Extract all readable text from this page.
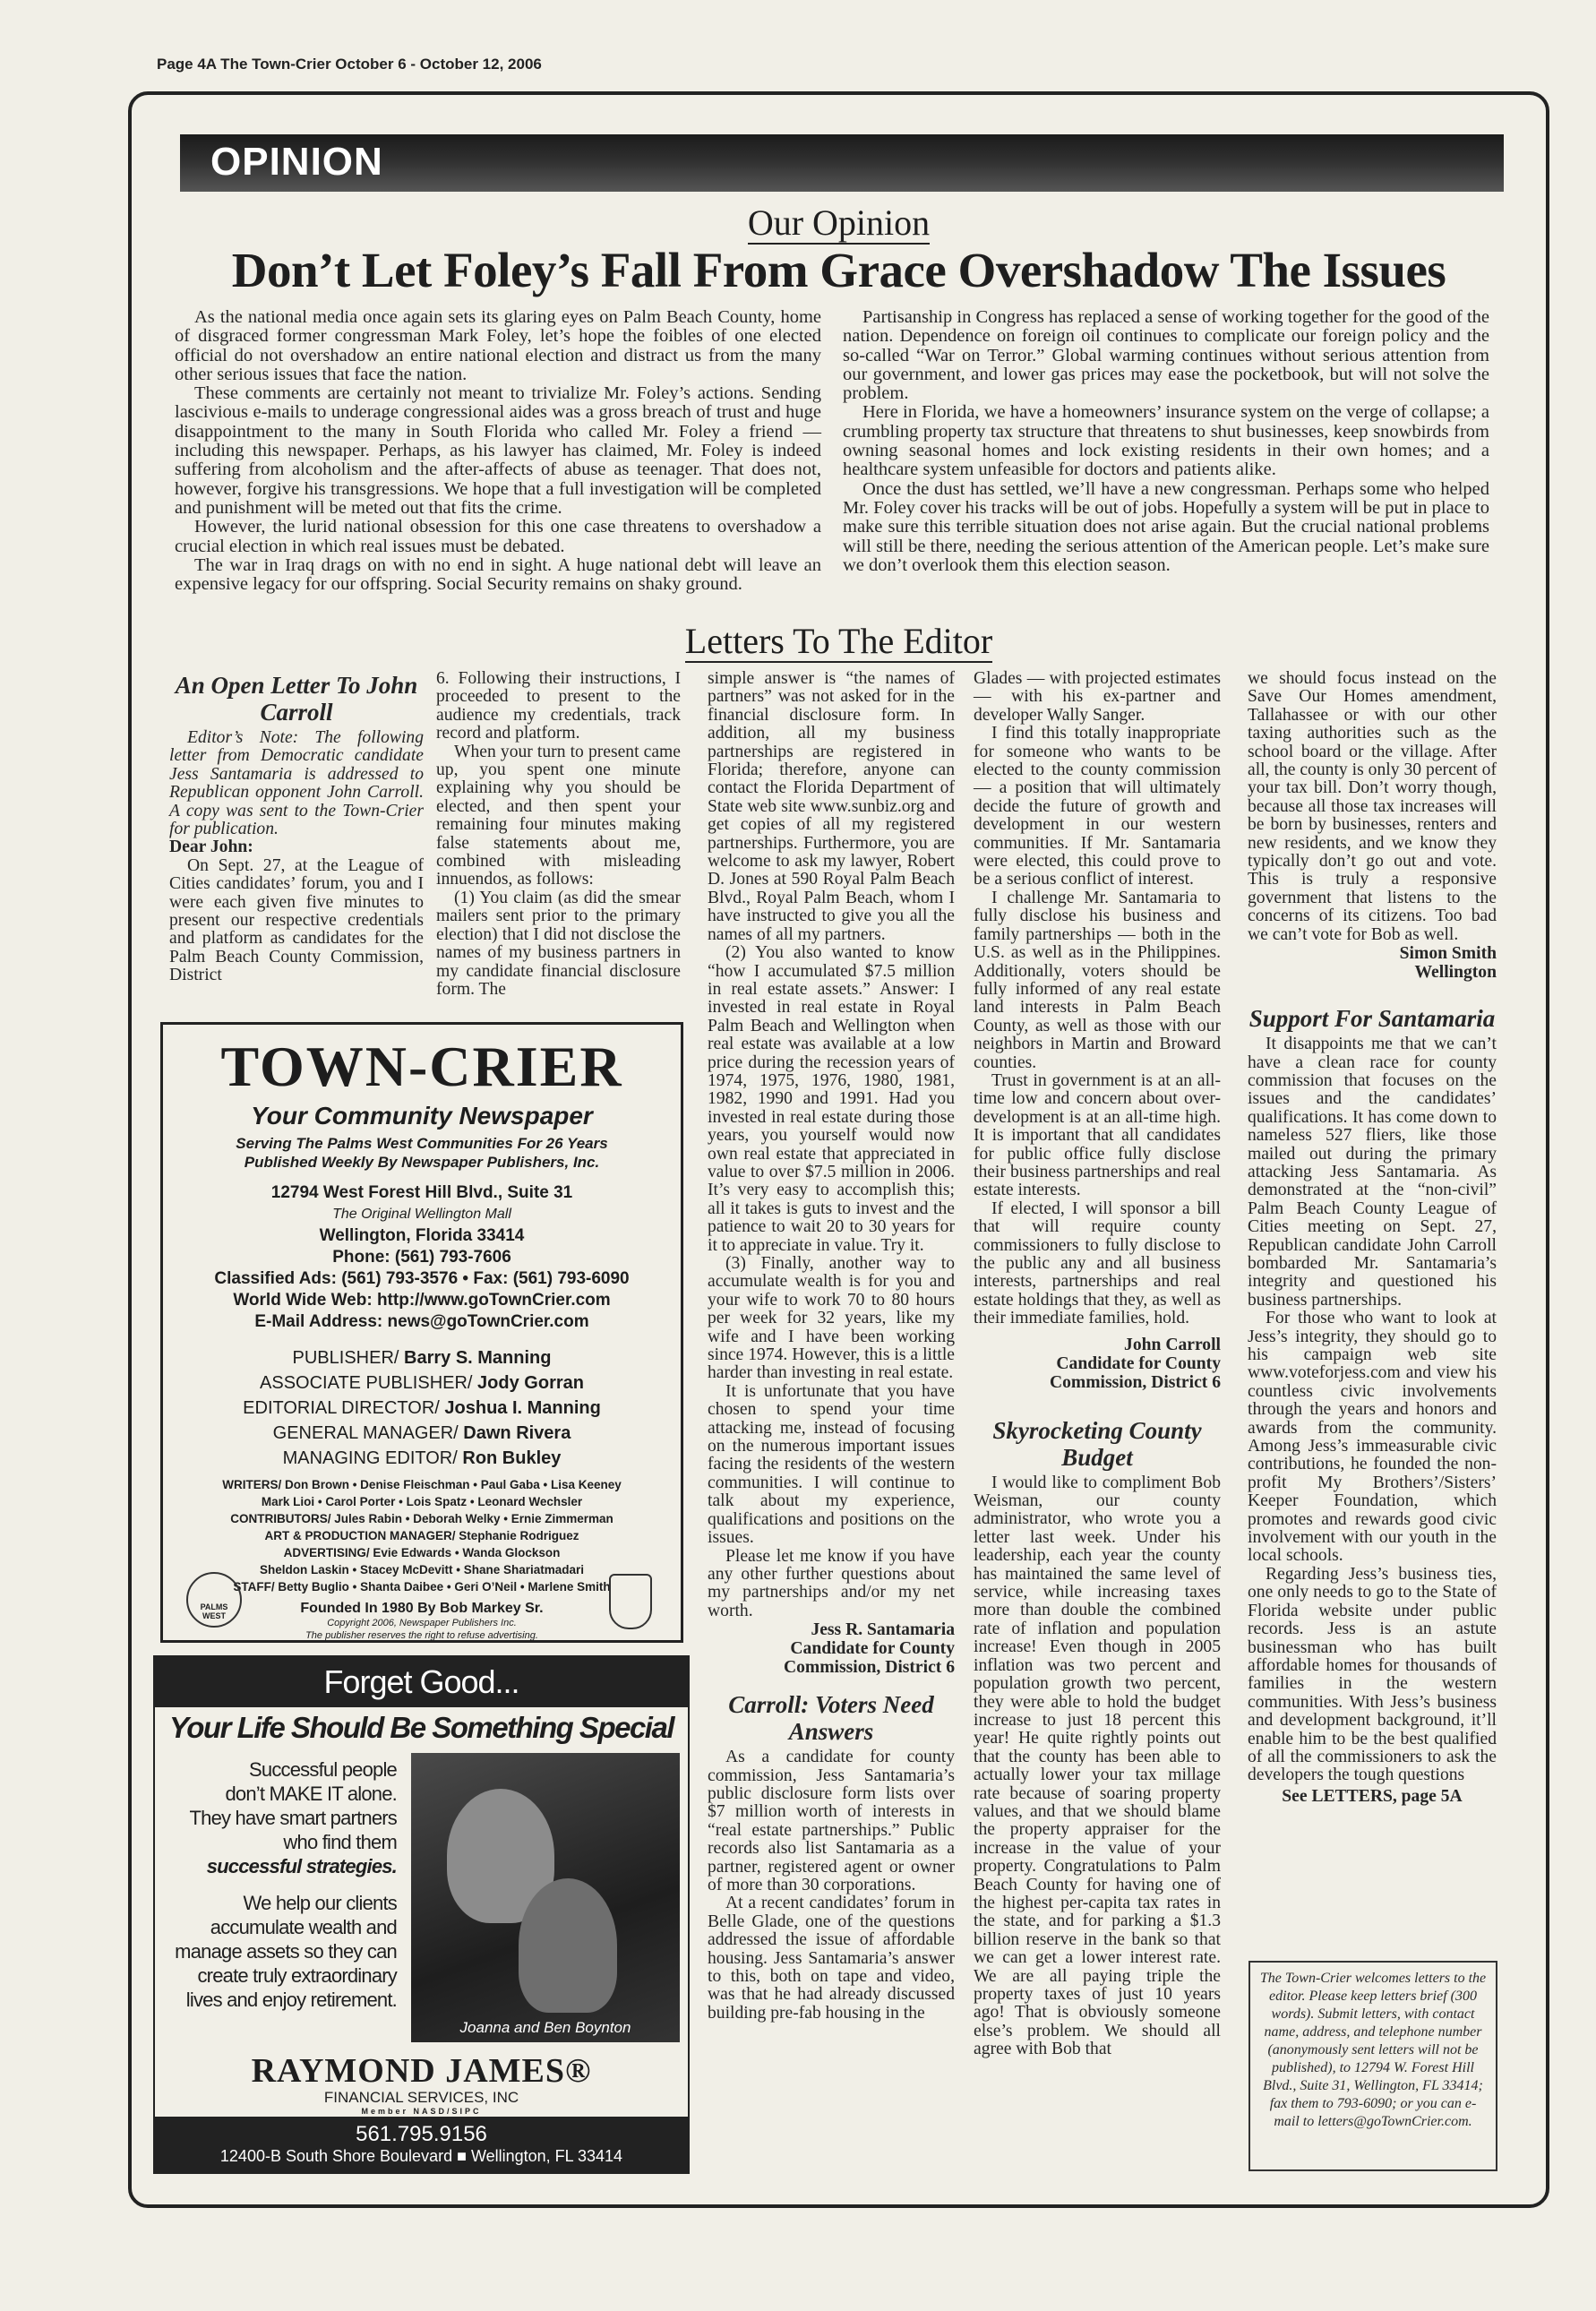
Page 4A The Town-Crier October 6 - October 12, 2006
OPINION
Our Opinion
Don’t Let Foley’s Fall From Grace Overshadow The Issues

As the national media once again sets its glaring eyes on Palm Beach County, home of disgraced former congressman Mark Foley, let’s hope the foibles of one elected official do not overshadow an entire national election and distract us from the many other serious issues that face the nation.

These comments are certainly not meant to trivialize Mr. Foley’s actions. Sending lascivious e-mails to underage congressional aides was a gross breach of trust and huge disappointment to the many in South Florida who called Mr. Foley a friend — including this newspaper. Perhaps, as his lawyer has claimed, Mr. Foley is indeed suffering from alcoholism and the after-affects of abuse as teenager. That does not, however, forgive his transgressions. We hope that a full investigation will be completed and punishment will be meted out that fits the crime.

However, the lurid national obsession for this one case threatens to overshadow a crucial election in which real issues must be debated.

The war in Iraq drags on with no end in sight. A huge national debt will leave an expensive legacy for our offspring. Social Security remains on shaky ground.

Partisanship in Congress has replaced a sense of working together for the good of the nation. Dependence on foreign oil continues to complicate our foreign policy and the so-called “War on Terror.” Global warming continues without serious attention from our government, and lower gas prices may ease the pocketbook, but will not solve the problem.

Here in Florida, we have a homeowners’ insurance system on the verge of collapse; a crumbling property tax structure that threatens to shut businesses, keep snowbirds from owning seasonal homes and lock existing residents in their own homes; and a healthcare system unfeasible for doctors and patients alike.

Once the dust has settled, we’ll have a new congressman. Perhaps some who helped Mr. Foley cover his tracks will be out of jobs. Hopefully a system will be put in place to make sure this terrible situation does not arise again. But the crucial national problems will still be there, needing the serious attention of the American people. Let’s make sure we don’t overlook them this election season.

Letters To The Editor
An Open Letter To John Carroll

Editor’s Note: The following letter from Democratic candidate Jess Santamaria is addressed to Republican opponent John Carroll. A copy was sent to the Town-Crier for publication.

Dear John:

On Sept. 27, at the League of Cities candidates’ forum, you and I were each given five minutes to present our respective credentials and platform as candidates for the Palm Beach County Commission, District

6. Following their instructions, I proceeded to present to the audience my credentials, track record and platform.

When your turn to present came up, you spent one minute explaining why you should be elected, and then spent your remaining four minutes making false statements about me, combined with misleading innuendos, as follows:

(1) You claim (as did the smear mailers sent prior to the primary election) that I did not disclose the names of my business partners in my candidate financial disclosure form. The

simple answer is “the names of partners” was not asked for in the financial disclosure form. In addition, all my business partnerships are registered in Florida; therefore, anyone can contact the Florida Department of State web site www.sunbiz.org and get copies of all my registered partnerships. Furthermore, you are welcome to ask my lawyer, Robert D. Jones at 590 Royal Palm Beach Blvd., Royal Palm Beach, whom I have instructed to give you all the names of all my partners.

(2) You also wanted to know “how I accumulated $7.5 million in real estate assets.” Answer: I invested in real estate in Royal Palm Beach and Wellington when real estate was available at a low price during the recession years of 1974, 1975, 1976, 1980, 1981, 1982, 1990 and 1991. Had you invested in real estate during those years, you yourself would now own real estate that appreciated in value to over $7.5 million in 2006. It’s very easy to accomplish this; all it takes is guts to invest and the patience to wait 20 to 30 years for it to appreciate in value. Try it.

(3) Finally, another way to accumulate wealth is for you and your wife to work 70 to 80 hours per week for 32 years, like my wife and I have been working since 1974. However, this is a little harder than investing in real estate.

It is unfortunate that you have chosen to spend your time attacking me, instead of focusing on the numerous important issues facing the residents of the western communities. I will continue to talk about my experience, qualifications and positions on the issues.

Please let me know if you have any other further questions about my partnerships and/or my net worth.

Jess R. Santamaria
Candidate for County
Commission, District 6
Carroll: Voters Need Answers

As a candidate for county commission, Jess Santamaria’s public disclosure form lists over $7 million worth of interests in “real estate partnerships.” Public records also list Santamaria as a partner, registered agent or owner of more than 30 corporations.

At a recent candidates’ forum in Belle Glade, one of the questions addressed the issue of affordable housing. Jess Santamaria’s answer to this, both on tape and video, was that he had already discussed building pre-fab housing in the

Glades — with projected estimates — with his ex-partner and developer Wally Sanger.

I find this totally inappropriate for someone who wants to be elected to the county commission — a position that will ultimately decide the future of growth and development in our western communities. If Mr. Santamaria were elected, this could prove to be a serious conflict of interest.

I challenge Mr. Santamaria to fully disclose his business and family partnerships — both in the U.S. as well as in the Philippines. Additionally, voters should be fully informed of any real estate land interests in Palm Beach County, as well as those with our neighbors in Martin and Broward counties.

Trust in government is at an all-time low and concern about over-development is at an all-time high. It is important that all candidates for public office fully disclose their business partnerships and real estate interests.

If elected, I will sponsor a bill that will require county commissioners to fully disclose to the public any and all business interests, partnerships and real estate holdings that they, as well as their immediate families, hold.

John Carroll
Candidate for County
Commission, District 6
Skyrocketing County Budget

I would like to compliment Bob Weisman, our county administrator, who wrote you a letter last week. Under his leadership, each year the county has maintained the same level of service, while increasing taxes more than double the combined rate of inflation and population increase! Even though in 2005 inflation was two percent and population growth two percent, they were able to hold the budget increase to just 18 percent this year! He quite rightly points out that the county has been able to actually lower your tax millage rate because of soaring property values, and that we should blame the property appraiser for the increase in the value of your property. Congratulations to Palm Beach County for having one of the highest per-capita tax rates in the state, and for parking a $1.3 billion reserve in the bank so that we can get a lower interest rate. We are all paying triple the property taxes of just 10 years ago! That is obviously someone else’s problem. We should all agree with Bob that

we should focus instead on the Save Our Homes amendment, Tallahassee or with our other taxing authorities such as the school board or the village. After all, the county is only 30 percent of your tax bill. Don’t worry though, because all those tax increases will be born by businesses, renters and new residents, and we know they typically don’t go out and vote. This is truly a responsive government that listens to the concerns of its citizens. Too bad we can’t vote for Bob as well.

Simon Smith
Wellington
Support For Santamaria

It disappoints me that we can’t have a clean race for county commission that focuses on the issues and the candidates’ qualifications. It has come down to nameless 527 fliers, like those mailed out during the primary attacking Jess Santamaria. As demonstrated at the “non-civil” Palm Beach County League of Cities meeting on Sept. 27, Republican candidate John Carroll bombarded Mr. Santamaria’s integrity and questioned his business partnerships.

For those who want to look at Jess’s integrity, they should go to his campaign web site www.voteforjess.com and view his countless civic involvements through the years and honors and awards from the community. Among Jess’s immeasurable civic contributions, he founded the non-profit My Brothers’/Sisters’ Keeper Foundation, which promotes and rewards good civic involvement with our youth in the local schools.

Regarding Jess’s business ties, one only needs to go to the State of Florida website under public records. Jess is an astute businessman who has built affordable homes for thousands of families in the western communities. With Jess’s business and development background, it’ll enable him to be the best qualified of all the commissioners to ask the developers the tough questions

See LETTERS, page 5A

TOWN-CRIER
Your Community Newspaper
Serving The Palms West Communities For 26 Years
Published Weekly By Newspaper Publishers, Inc.
12794 West Forest Hill Blvd., Suite 31
The Original Wellington Mall
Wellington, Florida 33414
Phone: (561) 793-7606
Classified Ads: (561) 793-3576 • Fax: (561) 793-6090
World Wide Web: http://www.goTownCrier.com
E-Mail Address: news@goTownCrier.com
PUBLISHER/ Barry S. Manning
ASSOCIATE PUBLISHER/ Jody Gorran
EDITORIAL DIRECTOR/ Joshua I. Manning
GENERAL MANAGER/ Dawn Rivera
MANAGING EDITOR/ Ron Bukley
WRITERS/ Don Brown • Denise Fleischman • Paul Gaba • Lisa Keeney
Mark Lioi • Carol Porter • Lois Spatz • Leonard Wechsler
CONTRIBUTORS/ Jules Rabin • Deborah Welky • Ernie Zimmerman
ART & PRODUCTION MANAGER/ Stephanie Rodriguez
ADVERTISING/ Evie Edwards • Wanda Glockson
Sheldon Laskin • Stacey McDevitt • Shane Shariatmadari
STAFF/ Betty Buglio • Shanta Daibee • Geri O’Neil • Marlene Smith
Founded In 1980 By Bob Markey Sr.
Copyright 2006, Newspaper Publishers Inc.
The publisher reserves the right to refuse advertising.
PALMS WEST
Forget Good...
Your Life Should Be Something Special
Successful people
don’t MAKE IT alone.
They have smart partners
who find them
successful strategies.
We help our clients
accumulate wealth and
manage assets so they can
create truly extraordinary
lives and enjoy retirement.
Joanna and Ben Boynton
RAYMOND JAMES®
FINANCIAL SERVICES, INC
Member NASD/SIPC
561.795.9156
12400-B South Shore Boulevard ■ Wellington, FL 33414
The Town-Crier welcomes letters to the editor. Please keep letters brief (300 words). Submit letters, with contact name, address, and telephone number (anonymously sent letters will not be published), to 12794 W. Forest Hill Blvd., Suite 31, Wellington, FL 33414; fax them to 793-6090; or you can e-mail to letters@goTownCrier.com.
